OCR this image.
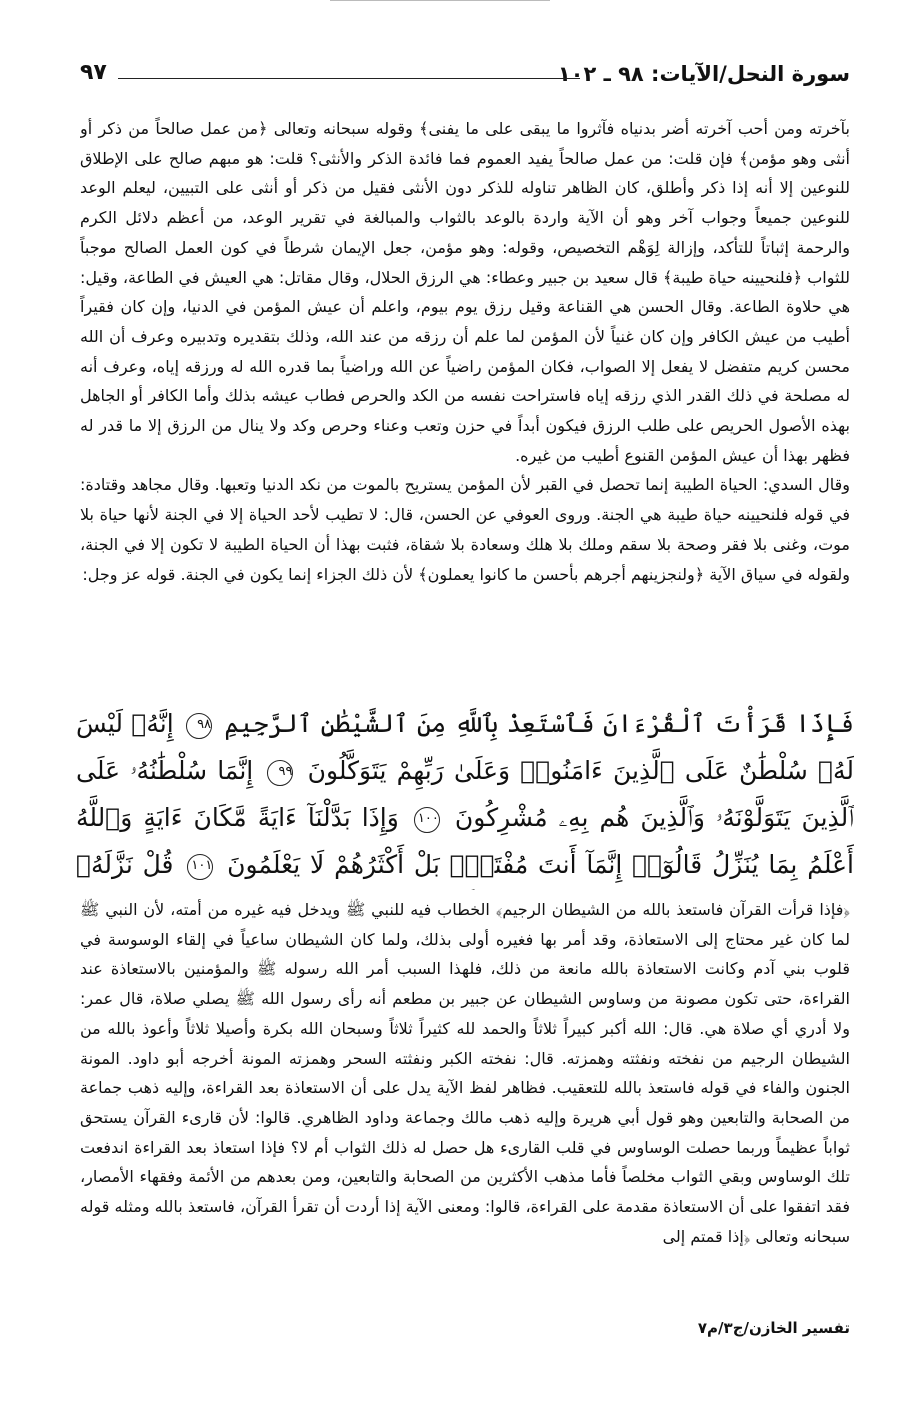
سورة النحل/الآيات: ٩٨ ـ ١٠٢
٩٧

بآخرته ومن أحب آخرته أضر بدنياه فآثروا ما يبقى على ما يفنى﴾ وقوله سبحانه وتعالى ﴿من عمل صالحاً من ذكر أو أنثى وهو مؤمن﴾ فإن قلت: من عمل صالحاً يفيد العموم فما فائدة الذكر والأنثى؟ قلت: هو مبهم صالح على الإطلاق للنوعين إلا أنه إذا ذكر وأطلق، كان الظاهر تناوله للذكر دون الأنثى فقيل من ذكر أو أنثى على التبيين، ليعلم الوعد للنوعين جميعاً وجواب آخر وهو أن الآية واردة بالوعد بالثواب والمبالغة في تقرير الوعد، من أعظم دلائل الكرم والرحمة إثباتاً للتأكد، وإزالة لِوَهْم التخصيص، وقوله: وهو مؤمن، جعل الإيمان شرطاً في كون العمل الصالح موجباً للثواب ﴿فلنحيينه حياة طيبة﴾ قال سعيد بن جبير وعطاء: هي الرزق الحلال، وقال مقاتل: هي العيش في الطاعة، وقيل: هي حلاوة الطاعة. وقال الحسن هي القناعة وقيل رزق يوم بيوم، واعلم أن عيش المؤمن في الدنيا، وإن كان فقيراً أطيب من عيش الكافر وإن كان غنياً لأن المؤمن لما علم أن رزقه من عند الله، وذلك بتقديره وتدبيره وعرف أن الله محسن كريم متفضل لا يفعل إلا الصواب، فكان المؤمن راضياً عن الله وراضياً بما قدره الله له ورزقه إياه، وعرف أنه له مصلحة في ذلك القدر الذي رزقه إياه فاستراحت نفسه من الكد والحرص فطاب عيشه بذلك وأما الكافر أو الجاهل بهذه الأصول الحريص على طلب الرزق فيكون أبداً في حزن وتعب وعناء وحرص وكد ولا ينال من الرزق إلا ما قدر له فظهر بهذا أن عيش المؤمن القنوع أطيب من غيره.

وقال السدي: الحياة الطيبة إنما تحصل في القبر لأن المؤمن يستريح بالموت من نكد الدنيا وتعبها. وقال مجاهد وقتادة: في قوله فلنحيينه حياة طيبة هي الجنة. وروى العوفي عن الحسن، قال: لا تطيب لأحد الحياة إلا في الجنة لأنها حياة بلا موت، وغنى بلا فقر وصحة بلا سقم وملك بلا هلك وسعادة بلا شقاة، فثبت بهذا أن الحياة الطيبة لا تكون إلا في الجنة، ولقوله في سياق الآية ﴿ولنجزينهم أجرهم بأحسن ما كانوا يعملون﴾ لأن ذلك الجزاء إنما يكون في الجنة. قوله عز وجل:

فَإِذَا قَرَأْتَ ٱلْقُرْءَانَ فَٱسْتَعِذْ بِٱللَّهِ مِنَ ٱلشَّيْطَٰنِ ٱلرَّجِيمِ ٩٨ إِنَّهُۥ لَيْسَ لَهُۥ سُلْطَٰنٌ عَلَى ٱلَّذِينَ ءَامَنُوا۟ وَعَلَىٰ رَبِّهِمْ يَتَوَكَّلُونَ ٩٩ إِنَّمَا سُلْطَٰنُهُۥ عَلَى ٱلَّذِينَ يَتَوَلَّوْنَهُۥ وَٱلَّذِينَ هُم بِهِۦ مُشْرِكُونَ ١٠٠ وَإِذَا بَدَّلْنَآ ءَايَةً مَّكَانَ ءَايَةٍ وَٱللَّهُ أَعْلَمُ بِمَا يُنَزِّلُ قَالُوٓا۟ إِنَّمَآ أَنتَ مُفْتَرٍۭ بَلْ أَكْثَرُهُمْ لَا يَعْلَمُونَ ١٠١ قُلْ نَزَّلَهُۥ

﴿فإذا قرأت القرآن فاستعذ بالله من الشيطان الرجيم﴾ الخطاب فيه للنبي ﷺ ويدخل فيه غيره من أمته، لأن النبي ﷺ لما كان غير محتاج إلى الاستعاذة، وقد أمر بها فغيره أولى بذلك، ولما كان الشيطان ساعياً في إلقاء الوسوسة في قلوب بني آدم وكانت الاستعاذة بالله مانعة من ذلك، فلهذا السبب أمر الله رسوله ﷺ والمؤمنين بالاستعاذة عند القراءة، حتى تكون مصونة من وساوس الشيطان عن جبير بن مطعم أنه رأى رسول الله ﷺ يصلي صلاة، قال عمر: ولا أدري أي صلاة هي. قال: الله أكبر كبيراً ثلاثاً والحمد لله كثيراً ثلاثاً وسبحان الله بكرة وأصيلا ثلاثاً وأعوذ بالله من الشيطان الرجيم من نفخته ونفثته وهمزته. قال: نفخته الكبر ونفثته السحر وهمزته المونة أخرجه أبو داود. المونة الجنون والفاء في قوله فاستعذ بالله للتعقيب. فظاهر لفظ الآية يدل على أن الاستعاذة بعد القراءة، وإليه ذهب جماعة من الصحابة والتابعين وهو قول أبي هريرة وإليه ذهب مالك وجماعة وداود الظاهري. قالوا: لأن قارىء القرآن يستحق ثواباً عظيماً وربما حصلت الوساوس في قلب القارىء هل حصل له ذلك الثواب أم لا؟ فإذا استعاذ بعد القراءة اندفعت تلك الوساوس وبقي الثواب مخلصاً فأما مذهب الأكثرين من الصحابة والتابعين، ومن بعدهم من الأئمة وفقهاء الأمصار، فقد اتفقوا على أن الاستعاذة مقدمة على القراءة، قالوا: ومعنى الآية إذا أردت أن تقرأ القرآن، فاستعذ بالله ومثله قوله سبحانه وتعالى ﴿إذا قمتم إلى

تفسير الخازن/ج٣/م٧
